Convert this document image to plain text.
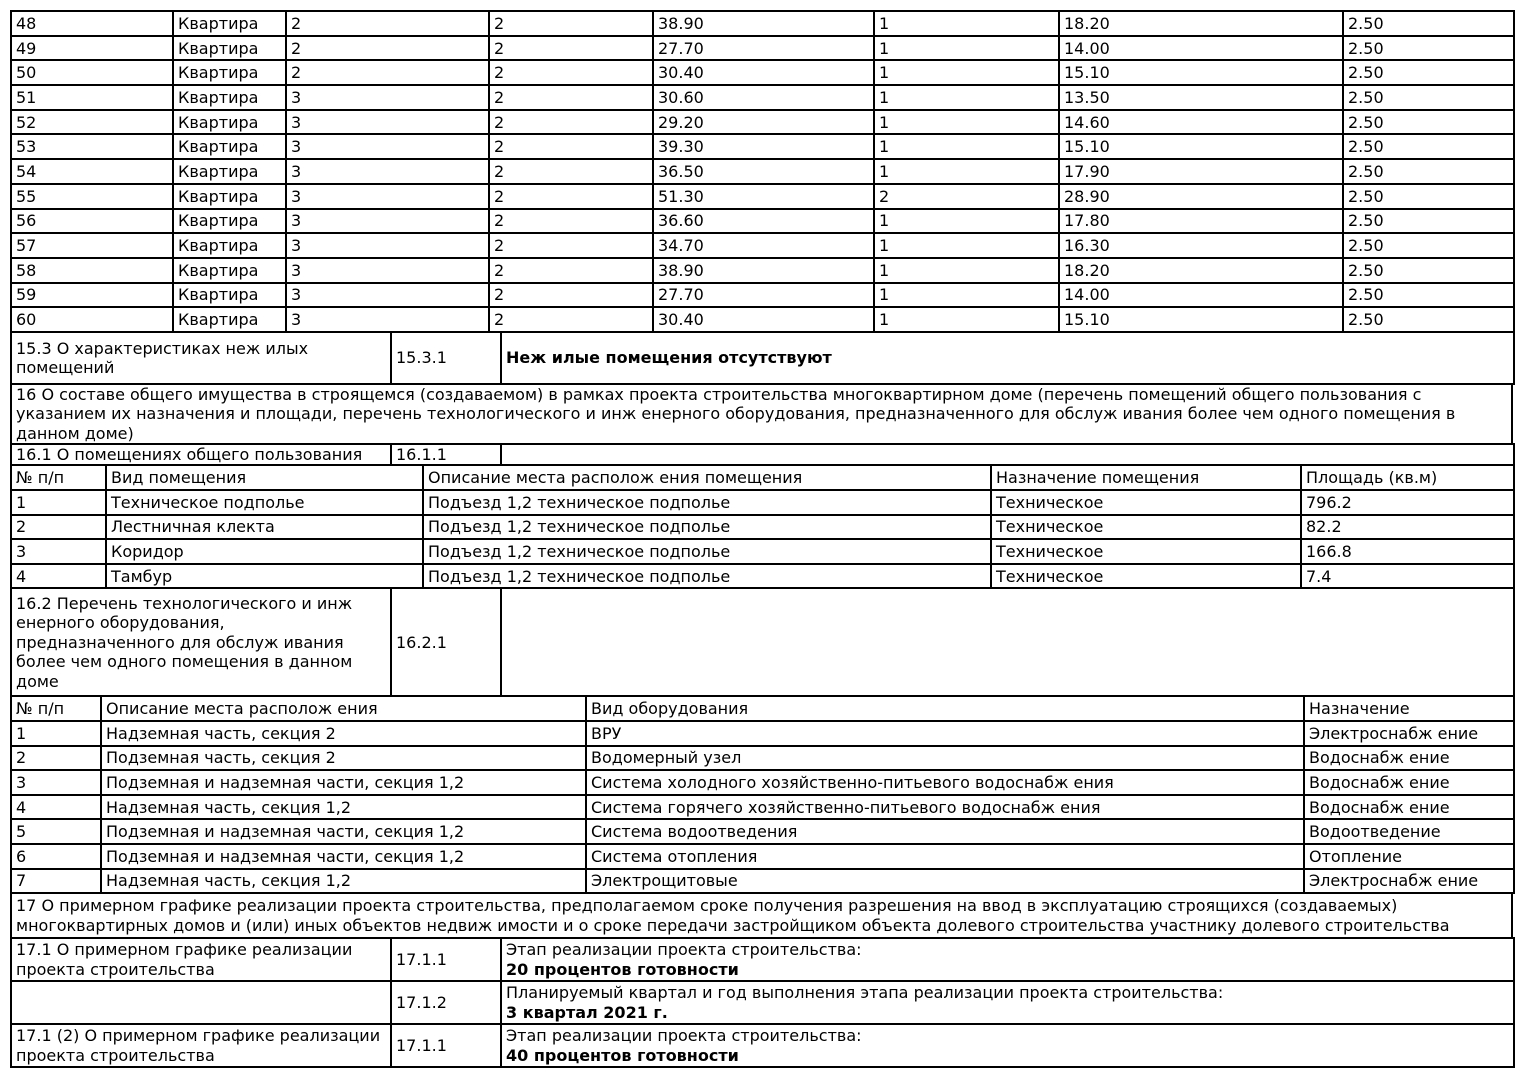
48	Квартира	2	2	38.90	1	18.20	2.50
49	Квартира	2	2	27.70	1	14.00	2.50
50	Квартира	2	2	30.40	1	15.10	2.50
51	Квартира	3	2	30.60	1	13.50	2.50
52	Квартира	3	2	29.20	1	14.60	2.50
53	Квартира	3	2	39.30	1	15.10	2.50
54	Квартира	3	2	36.50	1	17.90	2.50
55	Квартира	3	2	51.30	2	28.90	2.50
56	Квартира	3	2	36.60	1	17.80	2.50
57	Квартира	3	2	34.70	1	16.30	2.50
58	Квартира	3	2	38.90	1	18.20	2.50
59	Квартира	3	2	27.70	1	14.00	2.50
60	Квартира	3	2	30.40	1	15.10	2.50
15.3 О характеристиках неж илых помещений	15.3.1	Неж илые помещения отсутствуют
16 О составе общего имущества в строящемся (создаваемом) в рамках проекта строительства многоквартирном доме (перечень помещений общего пользования с указанием их назначения и площади, перечень технологического и инж енерного оборудования, предназначенного для обслуж ивания более чем одного помещения в данном доме)
16.1 О помещениях общего пользования	16.1.1	
№ п/п	Вид помещения	Описание места располож ения помещения	Назначение помещения	Площадь (кв.м)
1	Техническое подполье	Подъезд 1,2 техническое подполье	Техническое	796.2
2	Лестничная клекта	Подъезд 1,2 техническое подполье	Техническое	82.2
3	Коридор	Подъезд 1,2 техническое подполье	Техническое	166.8
4	Тамбур	Подъезд 1,2 техническое подполье	Техническое	7.4
16.2 Перечень технологического и инж енерного оборудования, предназначенного для обслуж ивания более чем одного помещения в данном доме	16.2.1	
№ п/п	Описание места располож ения	Вид оборудования	Назначение
1	Надземная часть, секция 2	ВРУ	Электроснабж ение
2	Подземная часть, секция 2	Водомерный узел	Водоснабж ение
3	Подземная и надземная части, секция 1,2	Система холодного хозяйственно-питьевого водоснабж ения	Водоснабж ение
4	Надземная часть, секция 1,2	Система горячего хозяйственно-питьевого водоснабж ения	Водоснабж ение
5	Подземная и надземная части, секция 1,2	Система водоотведения	Водоотведение
6	Подземная и надземная части, секция 1,2	Система отопления	Отопление
7	Надземная часть, секция 1,2	Электрощитовые	Электроснабж ение
17 О примерном графике реализации проекта строительства, предполагаемом сроке получения разрешения на ввод в эксплуатацию строящихся (создаваемых) многоквартирных домов и (или) иных объектов недвиж имости и о сроке передачи застройщиком объекта долевого строительства участнику долевого строительства
17.1 О примерном графике реализации проекта строительства	17.1.1	Этап реализации проекта строительства:
20 процентов готовности

	17.1.2	Планируемый квартал и год выполнения этапа реализации проекта строительства:
3 квартал 2021 г.

17.1 (2) О примерном графике реализации проекта строительства	17.1.1	Этап реализации проекта строительства:
40 процентов готовности
